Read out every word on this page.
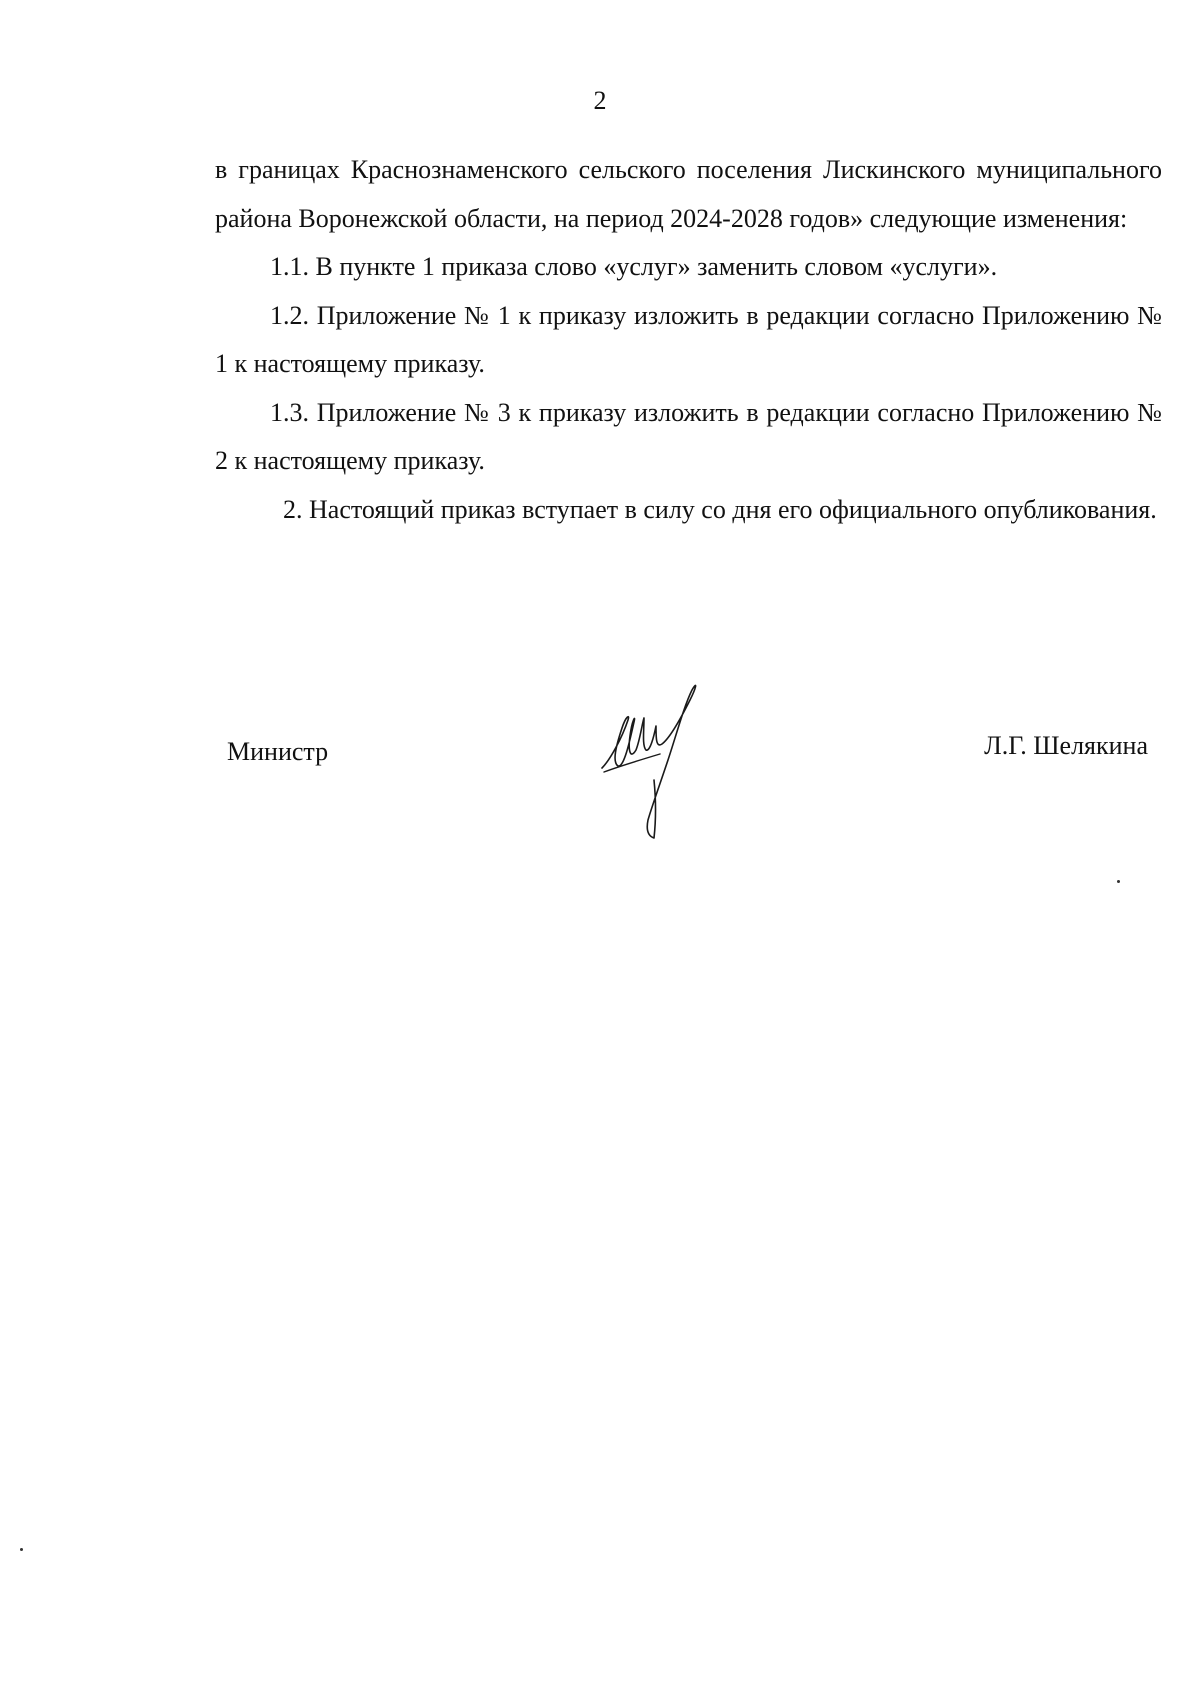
2

в границах Краснознаменского сельского поселения Лискинского муниципального района Воронежской области, на период 2024-2028 годов» следующие изменения:

1.1. В пункте 1 приказа слово «услуг» заменить словом «услуги».

1.2. Приложение № 1 к приказу изложить в редакции согласно Приложению № 1 к настоящему приказу.

1.3. Приложение № 3 к приказу изложить в редакции согласно Приложению № 2 к настоящему приказу.

2. Настоящий приказ вступает в силу со дня его официального опубликования.

Министр	Л.Г. Шелякина
